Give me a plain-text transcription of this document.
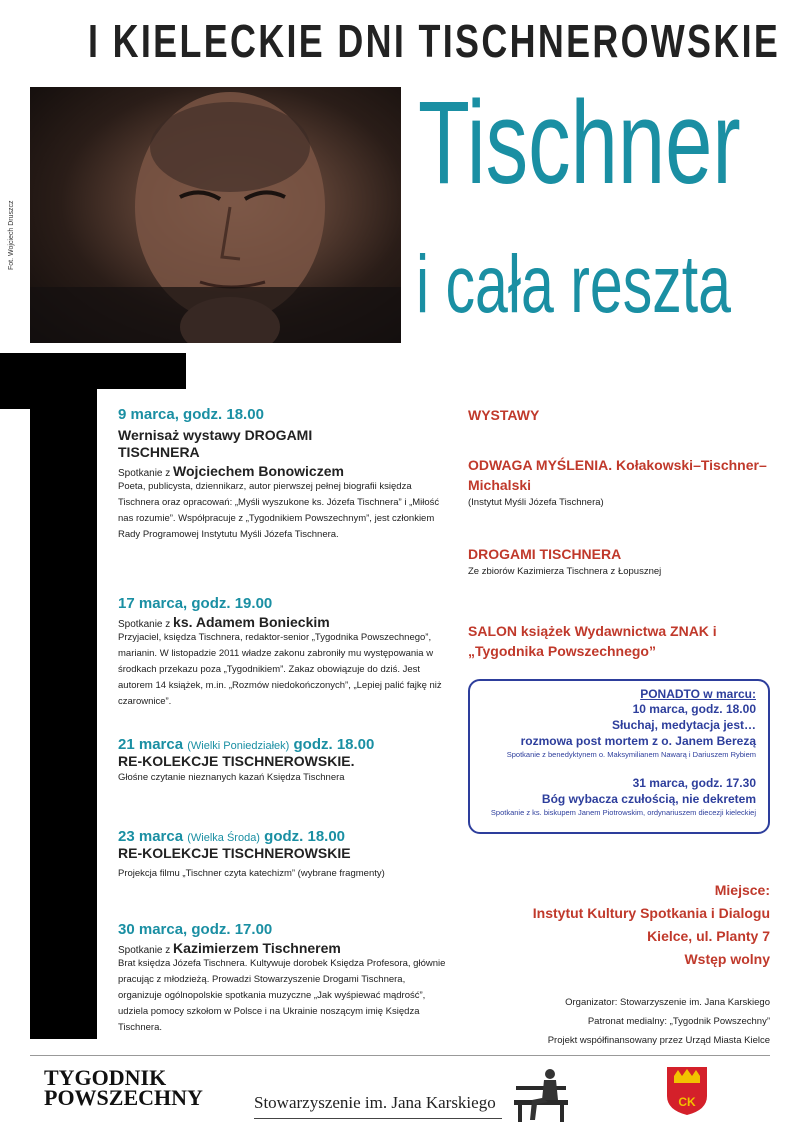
I KIELECKIE DNI TISCHNEROWSKIE
Fot. Wojciech Druszcz
Tischner
i cała reszta
9 marca, godz. 18.00
Wernisaż wystawy DROGAMI TISCHNERA
Spotkanie z Wojciechem Bonowiczem
Poeta, publicysta, dziennikarz, autor pierwszej pełnej biografii księdza Tischnera oraz opracowań: „Myśli wyszukone ks. Józefa Tischnera” i „Miłość nas rozumie”. Współpracuje z „Tygodnikiem Powszechnym”, jest członkiem Rady Programowej Instytutu Myśli Józefa Tischnera.
17 marca, godz. 19.00
Spotkanie z ks. Adamem Bonieckim
Przyjaciel, księdza Tischnera, redaktor-senior „Tygodnika Powszechnego”, marianin. W listopadzie 2011 władze zakonu zabroniły mu występowania w środkach przekazu poza „Tygodnikiem”. Zakaz obowiązuje do dziś. Jest autorem 14 książek, m.in. „Rozmów niedokończonych”, „Lepiej palić fajkę niż czarownice”.
21 marca (Wielki Poniedziałek) godz. 18.00
RE-KOLEKCJE TISCHNEROWSKIE.
Głośne czytanie nieznanych kazań Księdza Tischnera
23 marca (Wielka Środa) godz. 18.00
RE-KOLEKCJE TISCHNEROWSKIE
Projekcja filmu „Tischner czyta katechizm” (wybrane fragmenty)
30 marca, godz. 17.00
Spotkanie z Kazimierzem Tischnerem
Brat księdza Józefa Tischnera. Kultywuje dorobek Księdza Profesora, głównie pracując z młodzieżą. Prowadzi Stowarzyszenie Drogami Tischnera, organizuje ogólnopolskie spotkania muzyczne „Jak wyśpiewać mądrość”, udziela pomocy szkołom w Polsce i na Ukrainie noszącym imię Księdza Tischnera.
WYSTAWY
ODWAGA MYŚLENIA. Kołakowski–Tischner–Michalski
(Instytut Myśli Józefa Tischnera)
DROGAMI TISCHNERA
Ze zbiorów Kazimierza Tischnera z Łopusznej
SALON książek Wydawnictwa ZNAK i „Tygodnika Powszechnego”
PONADTO w marcu:
10 marca, godz. 18.00
Słuchaj, medytacja jest…
rozmowa post mortem z o. Janem Berezą
Spotkanie z benedyktynem o. Maksymilianem Nawarą i Dariuszem Rybiem
31 marca, godz. 17.30
Bóg wybacza czułością, nie dekretem
Spotkanie z ks. biskupem Janem Piotrowskim, ordynariuszem diecezji kieleckiej
Miejsce:
Instytut Kultury Spotkania i Dialogu
Kielce, ul. Planty 7
Wstęp wolny
Organizator: Stowarzyszenie im. Jana Karskiego
Patronat medialny: „Tygodnik Powszechny”
Projekt współfinansowany przez Urząd Miasta Kielce
TYGODNIK
POWSZECHNY	Stowarzyszenie im. Jana Karskiego	CK
